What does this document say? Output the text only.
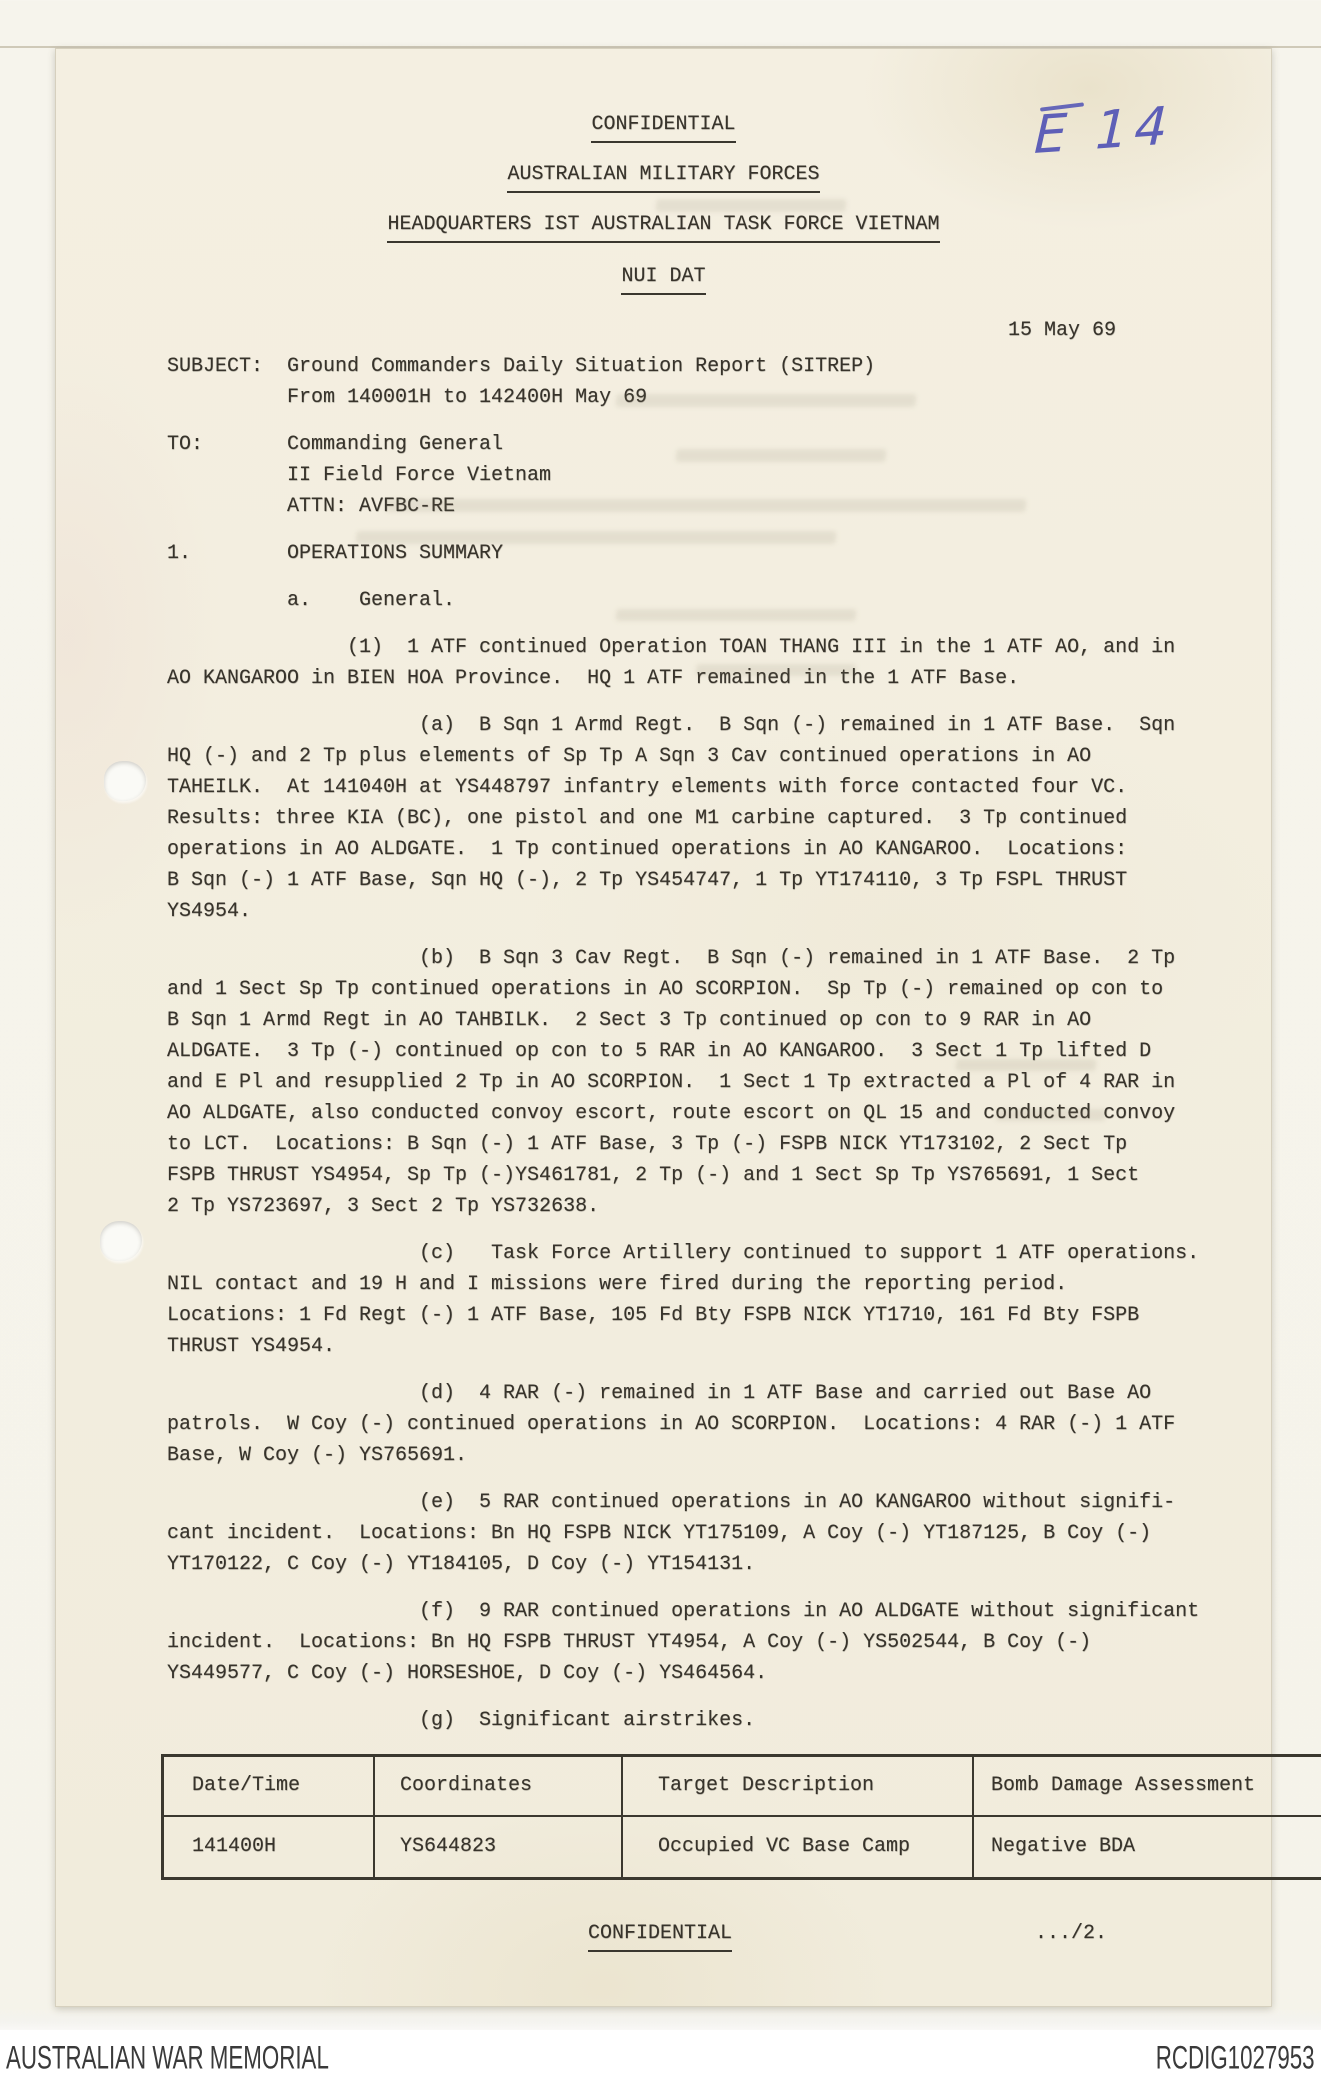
CONFIDENTIAL
AUSTRALIAN MILITARY FORCES
HEADQUARTERS IST AUSTRALIAN TASK FORCE VIETNAM
NUI DAT
E 14
15 May 69
SUBJECT:  Ground Commanders Daily Situation Report (SITREP)
From 140001H to 142400H May 69
TO:       Commanding General
II Field Force Vietnam
ATTN: AVFBC-RE
1.        OPERATIONS SUMMARY
a.    General.
(1)  1 ATF continued Operation TOAN THANG III in the 1 ATF AO, and in
AO KANGAROO in BIEN HOA Province.  HQ 1 ATF remained in the 1 ATF Base.
(a)  B Sqn 1 Armd Regt.  B Sqn (-) remained in 1 ATF Base.  Sqn
HQ (-) and 2 Tp plus elements of Sp Tp A Sqn 3 Cav continued operations in AO
TAHEILK.  At 141040H at YS448797 infantry elements with force contacted four VC.
Results: three KIA (BC), one pistol and one M1 carbine captured.  3 Tp continued
operations in AO ALDGATE.  1 Tp continued operations in AO KANGAROO.  Locations:
B Sqn (-) 1 ATF Base, Sqn HQ (-), 2 Tp YS454747, 1 Tp YT174110, 3 Tp FSPL THRUST
YS4954.
(b)  B Sqn 3 Cav Regt.  B Sqn (-) remained in 1 ATF Base.  2 Tp
and 1 Sect Sp Tp continued operations in AO SCORPION.  Sp Tp (-) remained op con to
B Sqn 1 Armd Regt in AO TAHBILK.  2 Sect 3 Tp continued op con to 9 RAR in AO
ALDGATE.  3 Tp (-) continued op con to 5 RAR in AO KANGAROO.  3 Sect 1 Tp lifted D
and E Pl and resupplied 2 Tp in AO SCORPION.  1 Sect 1 Tp extracted a Pl of 4 RAR in
AO ALDGATE, also conducted convoy escort, route escort on QL 15 and conducted convoy
to LCT.  Locations: B Sqn (-) 1 ATF Base, 3 Tp (-) FSPB NICK YT173102, 2 Sect Tp
FSPB THRUST YS4954, Sp Tp (-)YS461781, 2 Tp (-) and 1 Sect Sp Tp YS765691, 1 Sect
2 Tp YS723697, 3 Sect 2 Tp YS732638.
(c)   Task Force Artillery continued to support 1 ATF operations.
NIL contact and 19 H and I missions were fired during the reporting period.
Locations: 1 Fd Regt (-) 1 ATF Base, 105 Fd Bty FSPB NICK YT1710, 161 Fd Bty FSPB
THRUST YS4954.
(d)  4 RAR (-) remained in 1 ATF Base and carried out Base AO
patrols.  W Coy (-) continued operations in AO SCORPION.  Locations: 4 RAR (-) 1 ATF
Base, W Coy (-) YS765691.
(e)  5 RAR continued operations in AO KANGAROO without signifi-
cant incident.  Locations: Bn HQ FSPB NICK YT175109, A Coy (-) YT187125, B Coy (-)
YT170122, C Coy (-) YT184105, D Coy (-) YT154131.
(f)  9 RAR continued operations in AO ALDGATE without significant
incident.  Locations: Bn HQ FSPB THRUST YT4954, A Coy (-) YS502544, B Coy (-)
YS449577, C Coy (-) HORSESHOE, D Coy (-) YS464564.
(g)  Significant airstrikes.
Date/Time	Coordinates	Target Description	Bomb Damage Assessment
141400H	YS644823	Occupied VC Base Camp	Negative BDA
CONFIDENTIAL	.../2.
AUSTRALIAN WAR MEMORIAL	RCDIG1027953
